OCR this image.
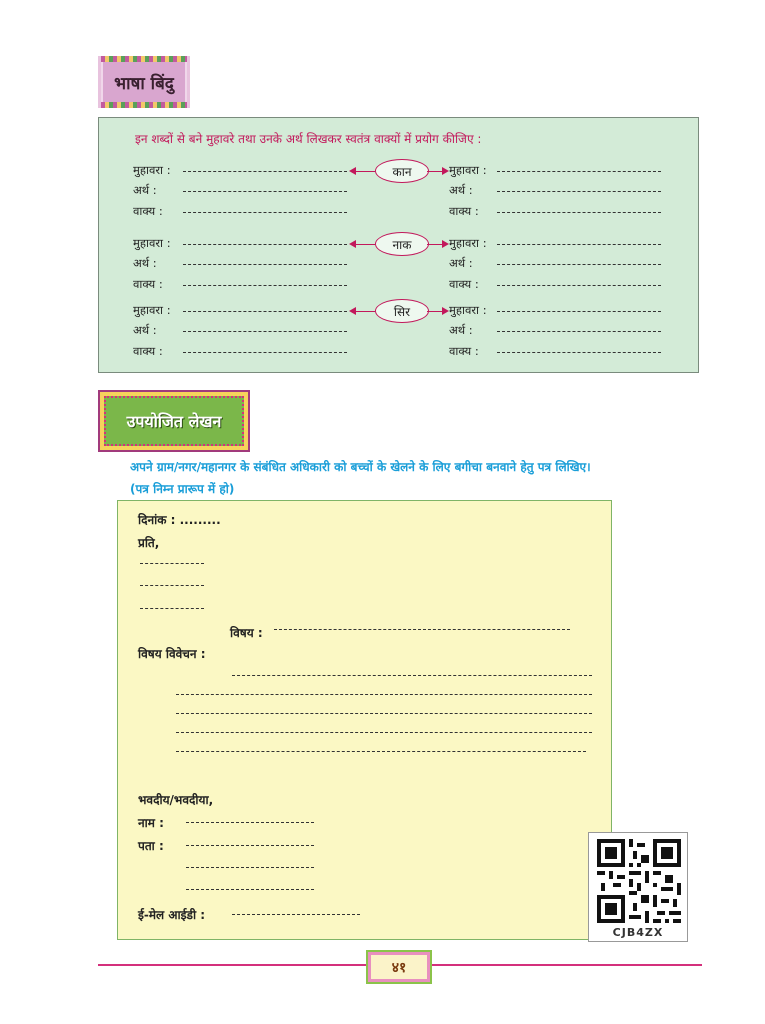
भाषा बिंदु
इन शब्दों से बने मुहावरे तथा उनके अर्थ लिखकर स्वतंत्र वाक्यों में प्रयोग कीजिए :
मुहावरा :	कान	मुहावरा :
अर्थ :	अर्थ :
वाक्य :	वाक्य :
मुहावरा :	नाक	मुहावरा :
अर्थ :	अर्थ :
वाक्य :	वाक्य :
मुहावरा :	सिर	मुहावरा :
अर्थ :	अर्थ :
वाक्य :	वाक्य :
उपयोजित लेखन
अपने ग्राम/नगर/महानगर के संबंधित अधिकारी को बच्चों के खेलने के लिए बगीचा बनवाने हेतु पत्र लिखिए।
(पत्र निम्न प्रारूप में हो)
दिनांक : .........
प्रति,
विषय :
विषय विवेचन :
भवदीय/भवदीया,
नाम :
पता :
ई-मेल आईडी :
CJB4ZX
४१
